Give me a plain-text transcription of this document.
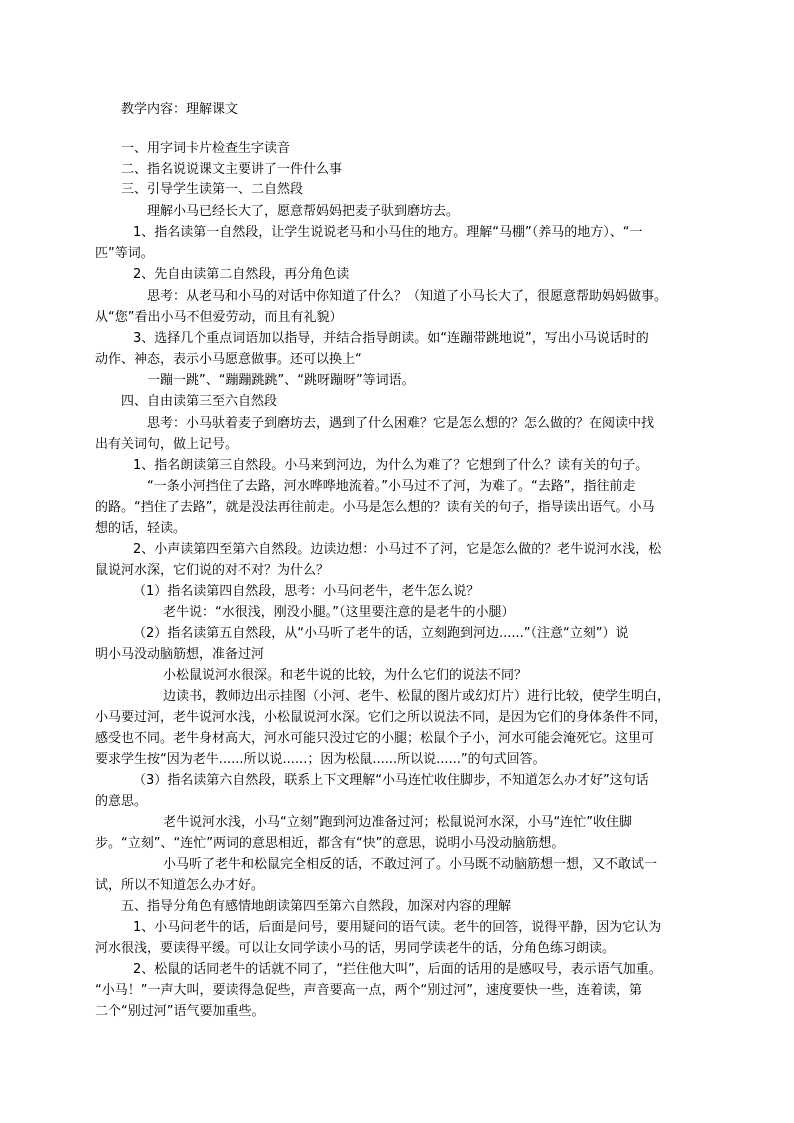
教学内容：理解课文

一、用字词卡片检查生字读音

二、指名说说课文主要讲了一件什么事

三、引导学生读第一、二自然段

理解小马已经长大了，愿意帮妈妈把麦子驮到磨坊去。

1、指名读第一自然段，让学生说说老马和小马住的地方。理解“马棚”（养马的地方）、“一

匹”等词。

2、先自由读第二自然段，再分角色读

思考：从老马和小马的对话中你知道了什么？（知道了小马长大了，很愿意帮助妈妈做事。

从“您”看出小马不但爱劳动，而且有礼貌）

3、选择几个重点词语加以指导，并结合指导朗读。如“连蹦带跳地说”，写出小马说话时的

动作、神态，表示小马愿意做事。还可以换上“

一蹦一跳”、“蹦蹦跳跳”、“跳呀蹦呀”等词语。

四、自由读第三至六自然段

思考：小马驮着麦子到磨坊去，遇到了什么困难？它是怎么想的？怎么做的？在阅读中找

出有关词句，做上记号。

1、指名朗读第三自然段。小马来到河边，为什么为难了？它想到了什么？读有关的句子。

“一条小河挡住了去路，河水哗哗地流着。”小马过不了河，为难了。“去路”，指往前走

的路。“挡住了去路”，就是没法再往前走。小马是怎么想的？读有关的句子，指导读出语气。小马

想的话，轻读。

2、小声读第四至第六自然段。边读边想：小马过不了河，它是怎么做的？老牛说河水浅，松

鼠说河水深，它们说的对不对？为什么？

（1）指名读第四自然段，思考：小马问老牛，老牛怎么说？

老牛说：“水很浅，刚没小腿。”（这里要注意的是老牛的小腿）

（2）指名读第五自然段，从“小马听了老牛的话，立刻跑到河边......”（注意“立刻”）说

明小马没动脑筋想，准备过河

小松鼠说河水很深。和老牛说的比较，为什么它们的说法不同？

边读书，教师边出示挂图（小河、老牛、松鼠的图片或幻灯片）进行比较，使学生明白，

小马要过河，老牛说河水浅，小松鼠说河水深。它们之所以说法不同，是因为它们的身体条件不同，

感受也不同。老牛身材高大，河水可能只没过它的小腿；松鼠个子小，河水可能会淹死它。这里可

要求学生按“因为老牛......所以说......；因为松鼠......所以说......”的句式回答。

（3）指名读第六自然段，联系上下文理解“小马连忙收住脚步，不知道怎么办才好”这句话

的意思。

老牛说河水浅，小马“立刻”跑到河边准备过河；松鼠说河水深，小马“连忙”收住脚

步。“立刻”、“连忙”两词的意思相近，都含有“快”的意思，说明小马没动脑筋想。

小马听了老牛和松鼠完全相反的话，不敢过河了。小马既不动脑筋想一想，又不敢试一

试，所以不知道怎么办才好。

五、指导分角色有感情地朗读第四至第六自然段，加深对内容的理解

1、小马问老牛的话，后面是问号，要用疑问的语气读。老牛的回答，说得平静，因为它认为

河水很浅，要读得平缓。可以让女同学读小马的话，男同学读老牛的话，分角色练习朗读。

2、松鼠的话同老牛的话就不同了，“拦住他大叫”，后面的话用的是感叹号，表示语气加重。

“小马！”一声大叫，要读得急促些，声音要高一点，两个“别过河”，速度要快一些，连着读，第

二个“别过河”语气要加重些。
